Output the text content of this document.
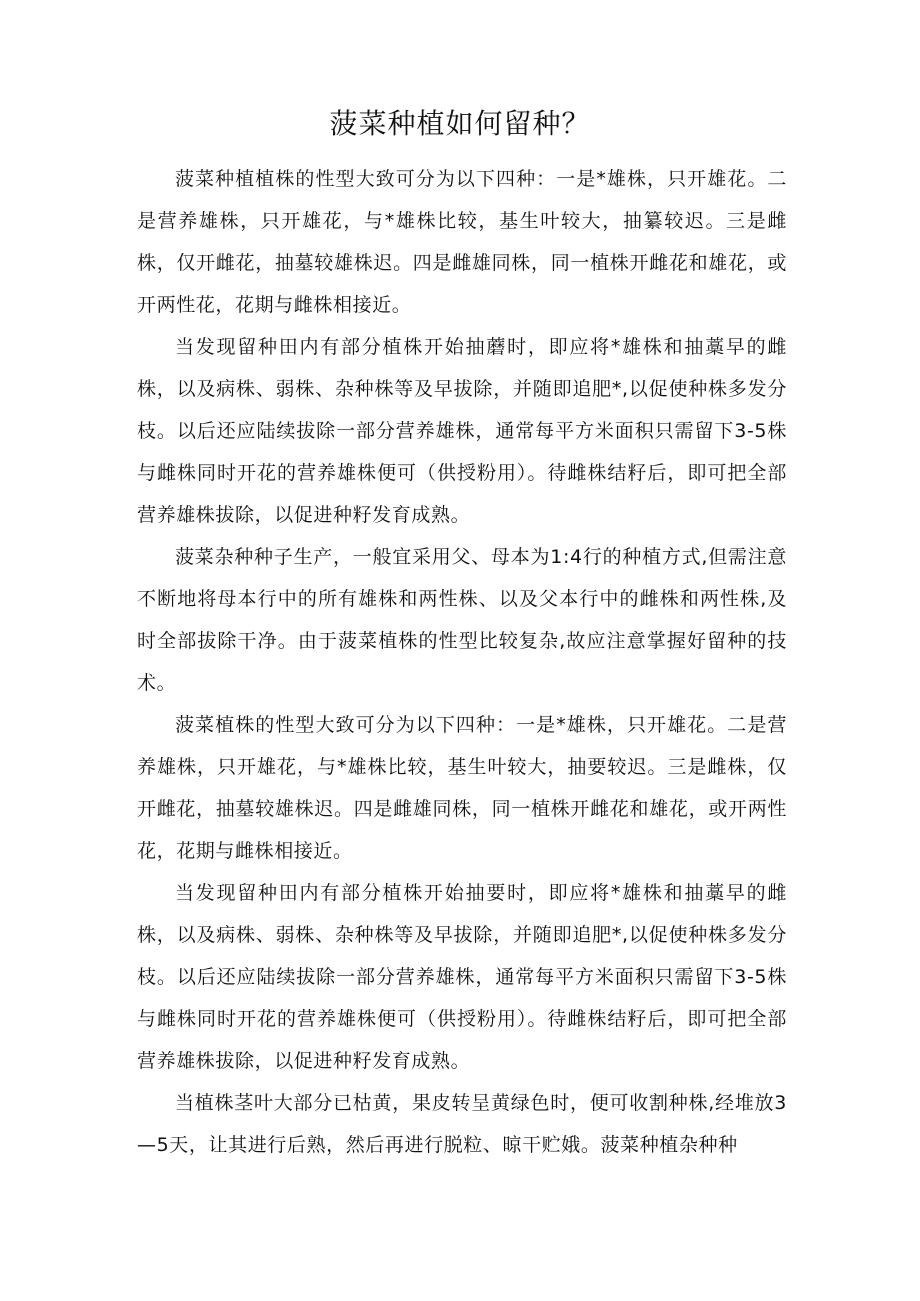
菠菜种植如何留种？

菠菜种植植株的性型大致可分为以下四种：一是*雄株，只开雄花。二是营养雄株，只开雄花，与*雄株比较，基生叶较大，抽纂较迟。三是雌株，仅开雌花，抽墓较雄株迟。四是雌雄同株，同一植株开雌花和雄花，或开两性花，花期与雌株相接近。

当发现留种田内有部分植株开始抽蘑时，即应将*雄株和抽藁早的雌株，以及病株、弱株、杂种株等及早拔除，并随即追肥*,以促使种株多发分枝。以后还应陆续拔除一部分营养雄株，通常每平方米面积只需留下3-5株与雌株同时开花的营养雄株便可（供授粉用）。待雌株结籽后，即可把全部营养雄株拔除，以促进种籽发育成熟。

菠菜杂种种子生产，一般宜采用父、母本为1:4行的种植方式,但需注意不断地将母本行中的所有雄株和两性株、以及父本行中的雌株和两性株,及时全部拔除干净。由于菠菜植株的性型比较复杂,故应注意掌握好留种的技术。

菠菜植株的性型大致可分为以下四种：一是*雄株，只开雄花。二是营养雄株，只开雄花，与*雄株比较，基生叶较大，抽要较迟。三是雌株，仅开雌花，抽墓较雄株迟。四是雌雄同株，同一植株开雌花和雄花，或开两性花，花期与雌株相接近。

当发现留种田内有部分植株开始抽要时，即应将*雄株和抽藁早的雌株，以及病株、弱株、杂种株等及早拔除，并随即追肥*,以促使种株多发分枝。以后还应陆续拔除一部分营养雄株，通常每平方米面积只需留下3-5株与雌株同时开花的营养雄株便可（供授粉用）。待雌株结籽后，即可把全部营养雄株拔除，以促进种籽发育成熟。

当植株茎叶大部分已枯黄，果皮转呈黄绿色时，便可收割种株,经堆放3—5天，让其进行后熟，然后再进行脱粒、晾干贮娥。菠菜种植杂种种
